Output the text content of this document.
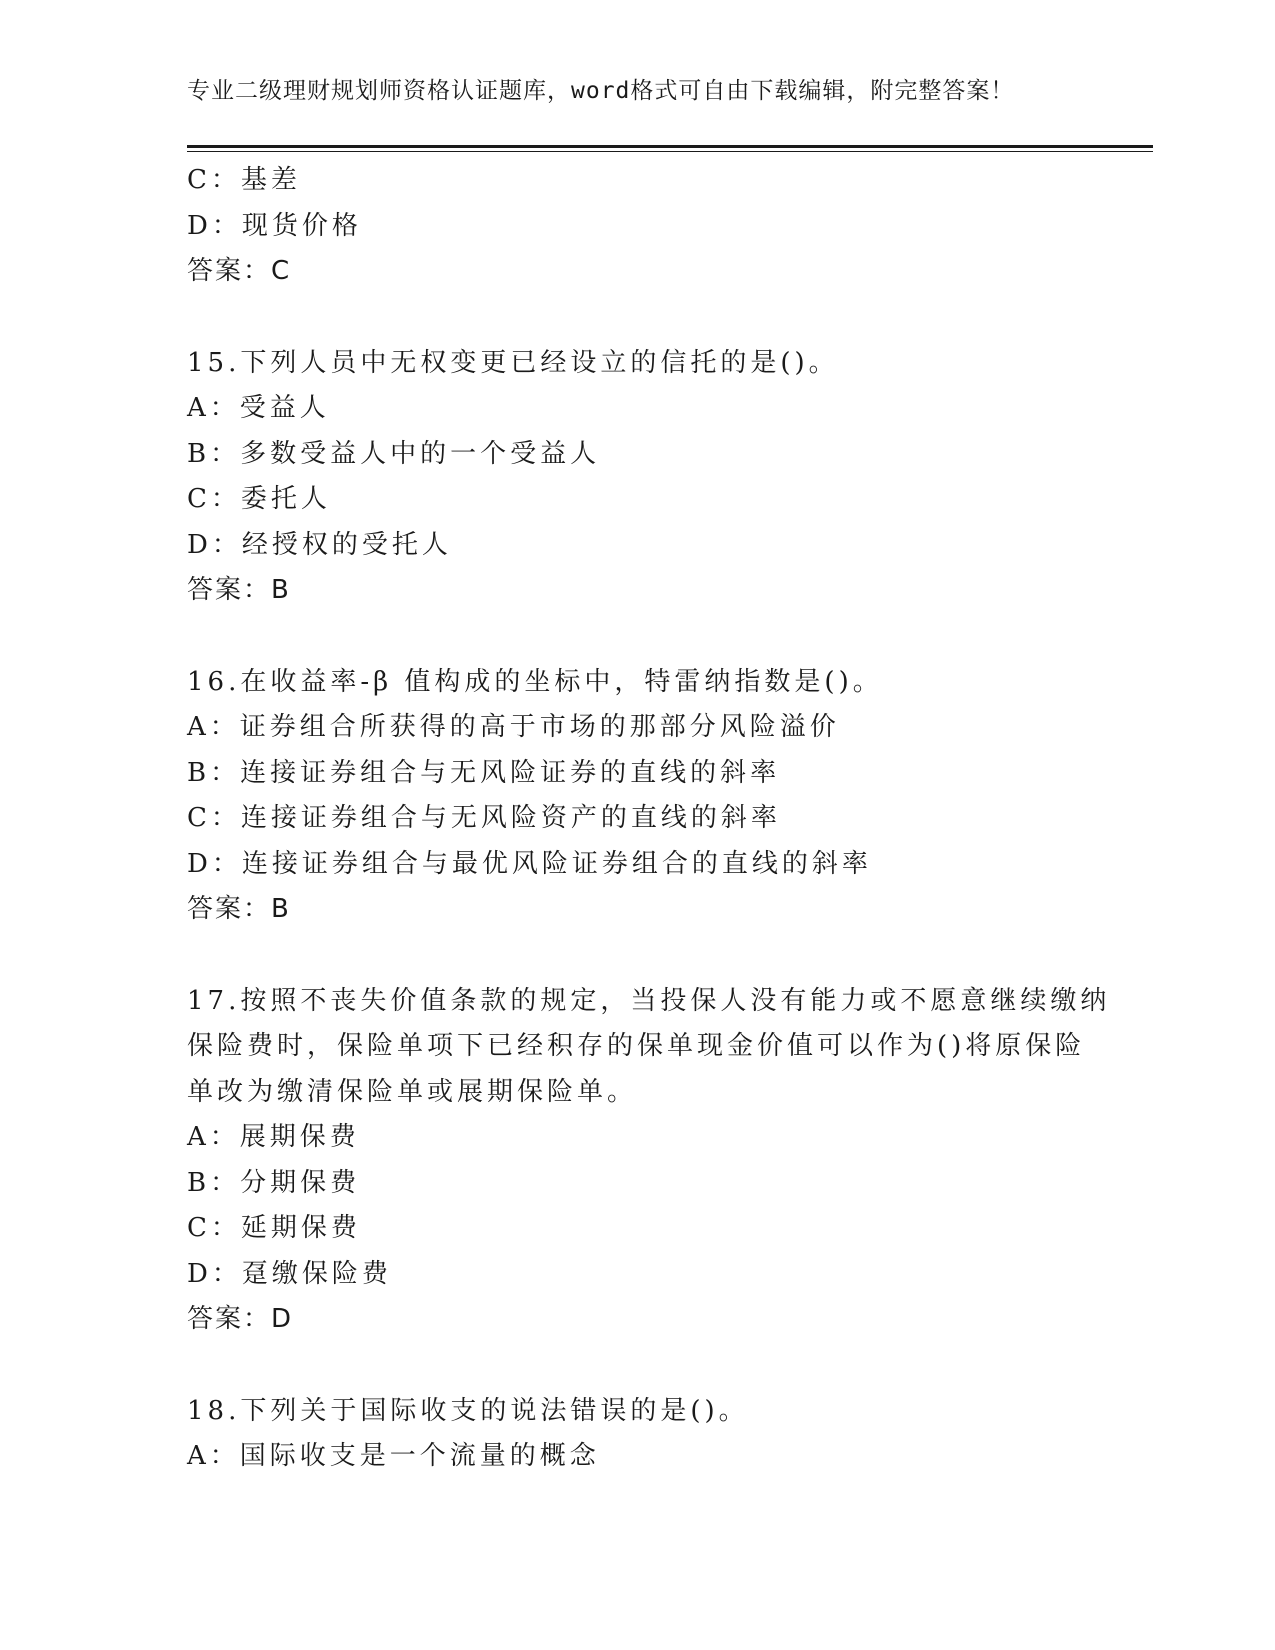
专业二级理财规划师资格认证题库，word格式可自由下载编辑，附完整答案！
C：基差
D：现货价格
答案：C
15.下列人员中无权变更已经设立的信托的是()。
A：受益人
B：多数受益人中的一个受益人
C：委托人
D：经授权的受托人
答案：B
16.在收益率-β 值构成的坐标中，特雷纳指数是()。
A：证券组合所获得的高于市场的那部分风险溢价
B：连接证券组合与无风险证券的直线的斜率
C：连接证券组合与无风险资产的直线的斜率
D：连接证券组合与最优风险证券组合的直线的斜率
答案：B
17.按照不丧失价值条款的规定，当投保人没有能力或不愿意继续缴纳
保险费时，保险单项下已经积存的保单现金价值可以作为()将原保险
单改为缴清保险单或展期保险单。
A：展期保费
B：分期保费
C：延期保费
D：趸缴保险费
答案：D
18.下列关于国际收支的说法错误的是()。
A：国际收支是一个流量的概念
